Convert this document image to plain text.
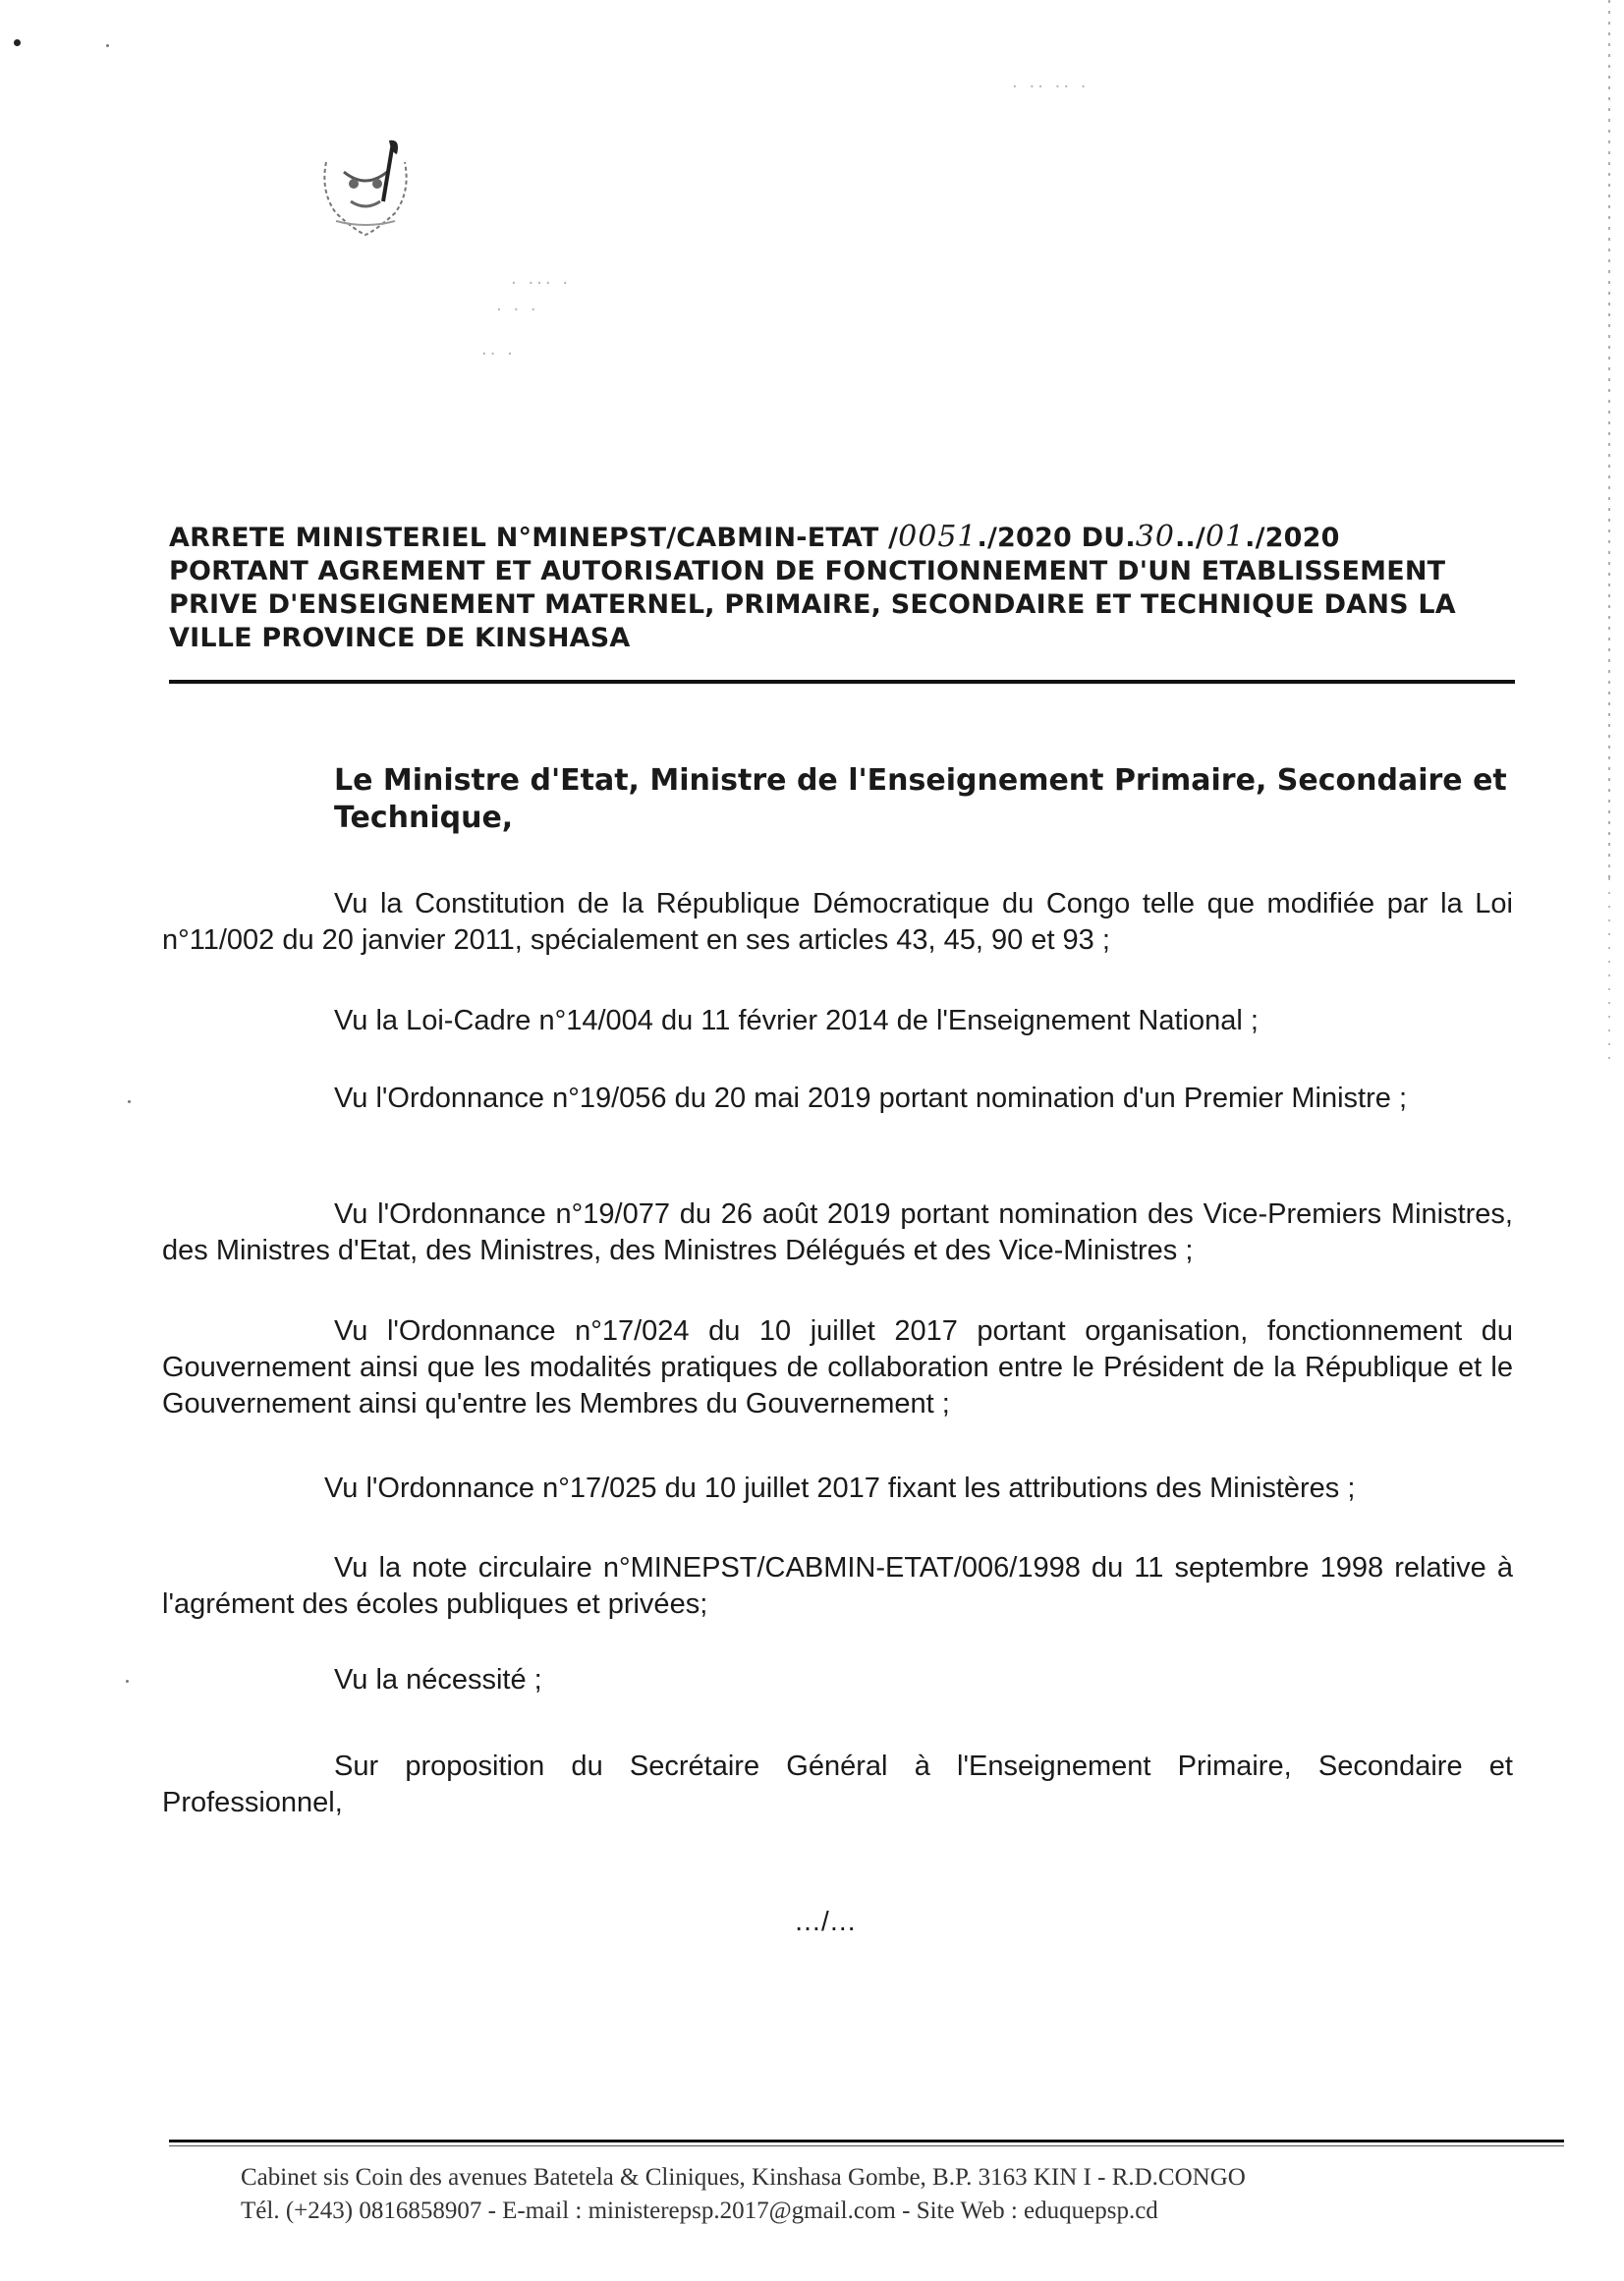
· ·· ·· ·
· ··· ·
· · ·
·· ·
ARRETE MINISTERIEL N°MINEPST/CABMIN-ETAT /0051./2020 DU.30../01./2020
PORTANT AGREMENT ET AUTORISATION DE FONCTIONNEMENT D'UN ETABLISSEMENT
PRIVE D'ENSEIGNEMENT MATERNEL, PRIMAIRE, SECONDAIRE ET TECHNIQUE DANS LA
VILLE PROVINCE DE KINSHASA
Le Ministre d'Etat, Ministre de l'Enseignement Primaire, Secondaire et Technique,
Vu la Constitution de la République Démocratique du Congo telle que modifiée par la Loi n°11/002 du 20 janvier 2011, spécialement en ses articles 43, 45, 90 et 93 ;
Vu la Loi-Cadre n°14/004 du 11 février 2014 de l'Enseignement National ;
Vu l'Ordonnance n°19/056 du 20 mai 2019 portant nomination d'un Premier Ministre ;
Vu l'Ordonnance n°19/077 du 26 août 2019 portant nomination des Vice-Premiers Ministres, des Ministres d'Etat, des Ministres, des Ministres Délégués et des Vice-Ministres ;
Vu l'Ordonnance n°17/024 du 10 juillet 2017 portant organisation, fonctionnement du Gouvernement ainsi que les modalités pratiques de collaboration entre le Président de la République et le Gouvernement ainsi qu'entre les Membres du Gouvernement ;
Vu l'Ordonnance n°17/025 du 10 juillet 2017 fixant les attributions des Ministères ;
Vu la note circulaire n°MINEPST/CABMIN-ETAT/006/1998 du 11 septembre 1998 relative à l'agrément des écoles publiques et privées;
Vu la nécessité ;
Sur proposition du Secrétaire Général à l'Enseignement Primaire, Secondaire et Professionnel,
…/…
Cabinet sis Coin des avenues Batetela & Cliniques, Kinshasa Gombe, B.P. 3163 KIN I - R.D.CONGO
Tél. (+243) 0816858907 - E-mail : ministerepsp.2017@gmail.com - Site Web : eduquepsp.cd
